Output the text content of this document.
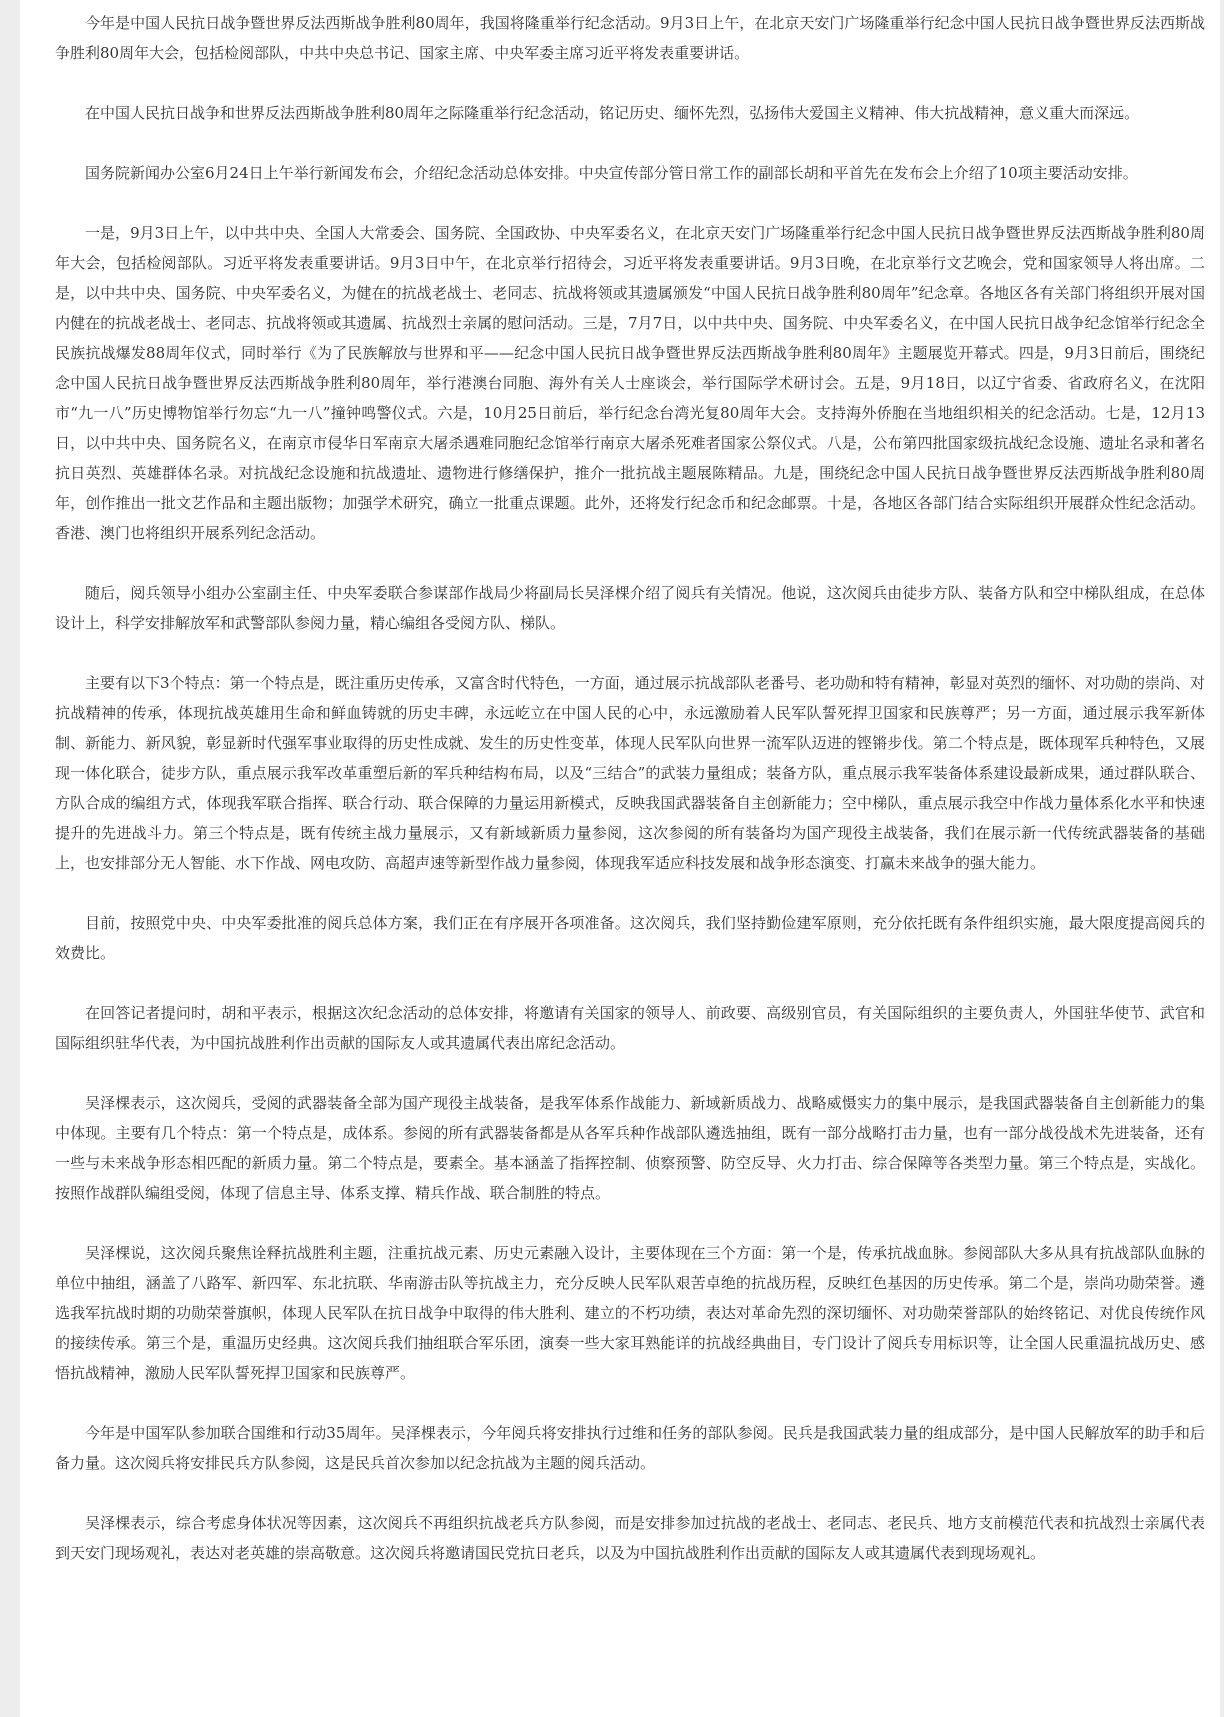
今年是中国人民抗日战争暨世界反法西斯战争胜利80周年，我国将隆重举行纪念活动。9月3日上午，在北京天安门广场隆重举行纪念中国人民抗日战争暨世界反法西斯战争胜利80周年大会，包括检阅部队，中共中央总书记、国家主席、中央军委主席习近平将发表重要讲话。

在中国人民抗日战争和世界反法西斯战争胜利80周年之际隆重举行纪念活动，铭记历史、缅怀先烈，弘扬伟大爱国主义精神、伟大抗战精神，意义重大而深远。

国务院新闻办公室6月24日上午举行新闻发布会，介绍纪念活动总体安排。中央宣传部分管日常工作的副部长胡和平首先在发布会上介绍了10项主要活动安排。

一是，9月3日上午，以中共中央、全国人大常委会、国务院、全国政协、中央军委名义，在北京天安门广场隆重举行纪念中国人民抗日战争暨世界反法西斯战争胜利80周年大会，包括检阅部队。习近平将发表重要讲话。9月3日中午，在北京举行招待会，习近平将发表重要讲话。9月3日晚，在北京举行文艺晚会，党和国家领导人将出席。二是，以中共中央、国务院、中央军委名义，为健在的抗战老战士、老同志、抗战将领或其遗属颁发“中国人民抗日战争胜利80周年”纪念章。各地区各有关部门将组织开展对国内健在的抗战老战士、老同志、抗战将领或其遗属、抗战烈士亲属的慰问活动。三是，7月7日，以中共中央、国务院、中央军委名义，在中国人民抗日战争纪念馆举行纪念全民族抗战爆发88周年仪式，同时举行《为了民族解放与世界和平——纪念中国人民抗日战争暨世界反法西斯战争胜利80周年》主题展览开幕式。四是，9月3日前后，围绕纪念中国人民抗日战争暨世界反法西斯战争胜利80周年，举行港澳台同胞、海外有关人士座谈会，举行国际学术研讨会。五是，9月18日，以辽宁省委、省政府名义，在沈阳市“九一八”历史博物馆举行勿忘“九一八”撞钟鸣警仪式。六是，10月25日前后，举行纪念台湾光复80周年大会。支持海外侨胞在当地组织相关的纪念活动。七是，12月13日，以中共中央、国务院名义，在南京市侵华日军南京大屠杀遇难同胞纪念馆举行南京大屠杀死难者国家公祭仪式。八是，公布第四批国家级抗战纪念设施、遗址名录和著名抗日英烈、英雄群体名录。对抗战纪念设施和抗战遗址、遗物进行修缮保护，推介一批抗战主题展陈精品。九是，围绕纪念中国人民抗日战争暨世界反法西斯战争胜利80周年，创作推出一批文艺作品和主题出版物；加强学术研究，确立一批重点课题。此外，还将发行纪念币和纪念邮票。十是，各地区各部门结合实际组织开展群众性纪念活动。香港、澳门也将组织开展系列纪念活动。

随后，阅兵领导小组办公室副主任、中央军委联合参谋部作战局少将副局长吴泽棵介绍了阅兵有关情况。他说，这次阅兵由徒步方队、装备方队和空中梯队组成，在总体设计上，科学安排解放军和武警部队参阅力量，精心编组各受阅方队、梯队。

主要有以下3个特点：第一个特点是，既注重历史传承，又富含时代特色，一方面，通过展示抗战部队老番号、老功勋和特有精神，彰显对英烈的缅怀、对功勋的崇尚、对抗战精神的传承，体现抗战英雄用生命和鲜血铸就的历史丰碑，永远屹立在中国人民的心中，永远激励着人民军队誓死捍卫国家和民族尊严；另一方面，通过展示我军新体制、新能力、新风貌，彰显新时代强军事业取得的历史性成就、发生的历史性变革，体现人民军队向世界一流军队迈进的铿锵步伐。第二个特点是，既体现军兵种特色，又展现一体化联合，徒步方队，重点展示我军改革重塑后新的军兵种结构布局，以及“三结合”的武装力量组成；装备方队，重点展示我军装备体系建设最新成果，通过群队联合、方队合成的编组方式，体现我军联合指挥、联合行动、联合保障的力量运用新模式，反映我国武器装备自主创新能力；空中梯队，重点展示我空中作战力量体系化水平和快速提升的先进战斗力。第三个特点是，既有传统主战力量展示，又有新域新质力量参阅，这次参阅的所有装备均为国产现役主战装备，我们在展示新一代传统武器装备的基础上，也安排部分无人智能、水下作战、网电攻防、高超声速等新型作战力量参阅，体现我军适应科技发展和战争形态演变、打赢未来战争的强大能力。

目前，按照党中央、中央军委批准的阅兵总体方案，我们正在有序展开各项准备。这次阅兵，我们坚持勤俭建军原则，充分依托既有条件组织实施，最大限度提高阅兵的效费比。

在回答记者提问时，胡和平表示，根据这次纪念活动的总体安排，将邀请有关国家的领导人、前政要、高级别官员，有关国际组织的主要负责人，外国驻华使节、武官和国际组织驻华代表，为中国抗战胜利作出贡献的国际友人或其遗属代表出席纪念活动。

吴泽棵表示，这次阅兵，受阅的武器装备全部为国产现役主战装备，是我军体系作战能力、新域新质战力、战略威慑实力的集中展示，是我国武器装备自主创新能力的集中体现。主要有几个特点：第一个特点是，成体系。参阅的所有武器装备都是从各军兵种作战部队遴选抽组，既有一部分战略打击力量，也有一部分战役战术先进装备，还有一些与未来战争形态相匹配的新质力量。第二个特点是，要素全。基本涵盖了指挥控制、侦察预警、防空反导、火力打击、综合保障等各类型力量。第三个特点是，实战化。按照作战群队编组受阅，体现了信息主导、体系支撑、精兵作战、联合制胜的特点。

吴泽棵说，这次阅兵聚焦诠释抗战胜利主题，注重抗战元素、历史元素融入设计，主要体现在三个方面：第一个是，传承抗战血脉。参阅部队大多从具有抗战部队血脉的单位中抽组，涵盖了八路军、新四军、东北抗联、华南游击队等抗战主力，充分反映人民军队艰苦卓绝的抗战历程，反映红色基因的历史传承。第二个是，崇尚功勋荣誉。遴选我军抗战时期的功勋荣誉旗帜，体现人民军队在抗日战争中取得的伟大胜利、建立的不朽功绩，表达对革命先烈的深切缅怀、对功勋荣誉部队的始终铭记、对优良传统作风的接续传承。第三个是，重温历史经典。这次阅兵我们抽组联合军乐团，演奏一些大家耳熟能详的抗战经典曲目，专门设计了阅兵专用标识等，让全国人民重温抗战历史、感悟抗战精神，激励人民军队誓死捍卫国家和民族尊严。

今年是中国军队参加联合国维和行动35周年。吴泽棵表示，今年阅兵将安排执行过维和任务的部队参阅。民兵是我国武装力量的组成部分，是中国人民解放军的助手和后备力量。这次阅兵将安排民兵方队参阅，这是民兵首次参加以纪念抗战为主题的阅兵活动。

吴泽棵表示，综合考虑身体状况等因素，这次阅兵不再组织抗战老兵方队参阅，而是安排参加过抗战的老战士、老同志、老民兵、地方支前模范代表和抗战烈士亲属代表到天安门现场观礼，表达对老英雄的崇高敬意。这次阅兵将邀请国民党抗日老兵，以及为中国抗战胜利作出贡献的国际友人或其遗属代表到现场观礼。
